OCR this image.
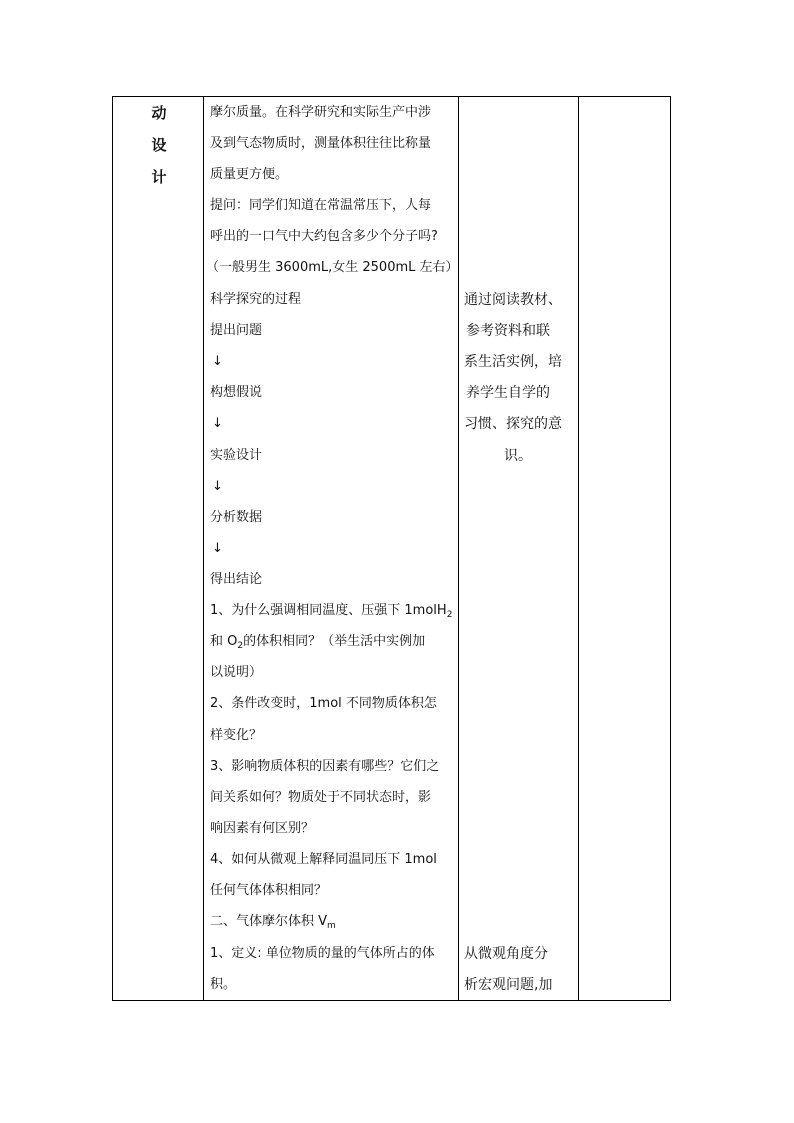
动
设
计
摩尔质量。在科学研究和实际生产中涉
及到气态物质时，测量体积往往比称量
质量更方便。
提问：同学们知道在常温常压下，人每
呼出的一口气中大约包含多少个分子吗?
（一般男生 3600mL,女生 2500mL 左右）
科学探究的过程
提出问题
↓
构想假说
↓
实验设计
↓
分析数据
↓
得出结论
1、为什么强调相同温度、压强下 1molH$_2$
和 $O_2$的体积相同？（举生活中实例加
以说明）
2、条件改变时，1mol 不同物质体积怎
样变化？
3、影响物质体积的因素有哪些？它们之
间关系如何？物质处于不同状态时，影
响因素有何区别？
4、如何从微观上解释同温同压下 1mol
任何气体体积相同？
二、气体摩尔体积 $V_m$
1、定义: 单位物质的量的气体所占的体
积。
通过阅读教材、
参考资料和联
系生活实例，培
养学生自学的
习惯、探究的意
识。
从微观角度分
析宏观问题,加
